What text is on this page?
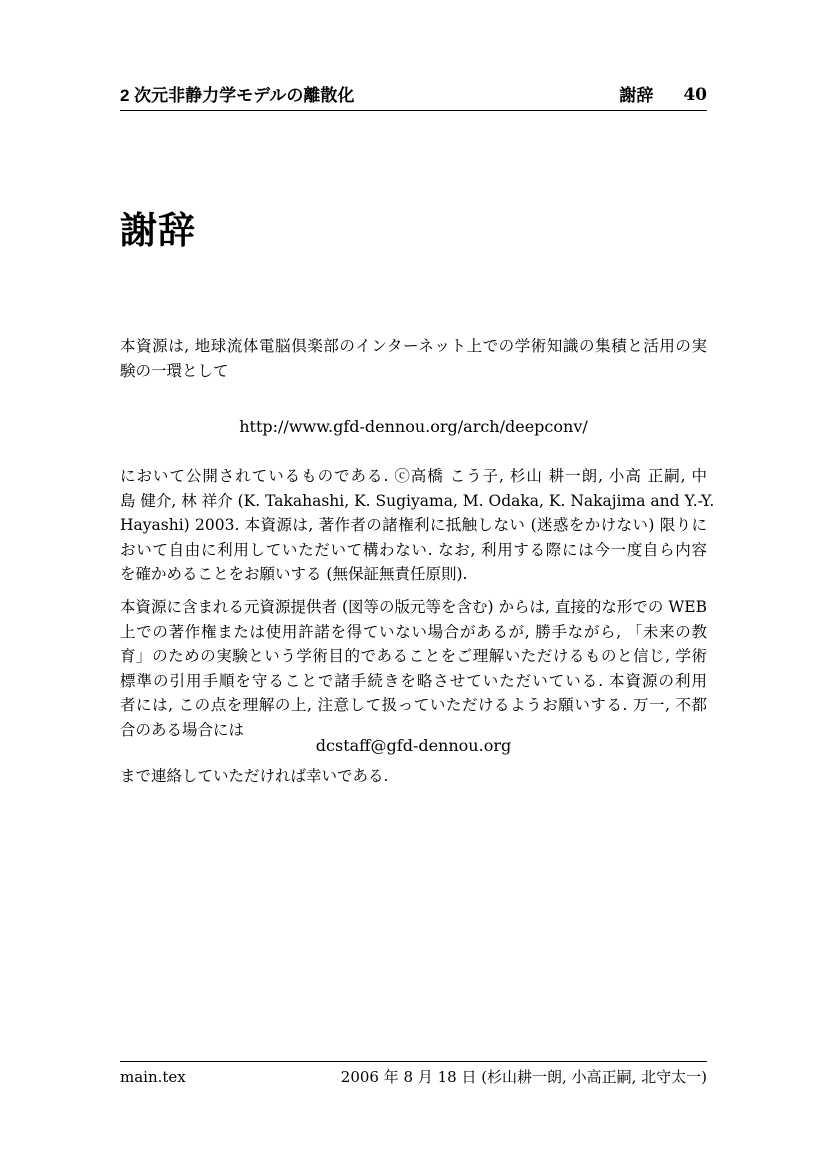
2 次元非静力学モデルの離散化	謝辞 40
謝辞
本資源は, 地球流体電脳倶楽部のインターネット上での学術知識の集積と活用の実
験の一環として
http://www.gfd-dennou.org/arch/deepconv/
において公開されているものである. ⓒ高橋 こう子, 杉山 耕一朗, 小高 正嗣, 中
島 健介, 林 祥介 (K. Takahashi, K. Sugiyama, M. Odaka, K. Nakajima and Y.-Y.
Hayashi) 2003. 本資源は, 著作者の諸権利に抵触しない (迷惑をかけない) 限りに
おいて自由に利用していただいて構わない. なお, 利用する際には今一度自ら内容
を確かめることをお願いする (無保証無責任原則).
本資源に含まれる元資源提供者 (図等の版元等を含む) からは, 直接的な形での WEB
上での著作権または使用許諾を得ていない場合があるが, 勝手ながら, 「未来の教
育」のための実験という学術目的であることをご理解いただけるものと信じ, 学術
標準の引用手順を守ることで諸手続きを略させていただいている. 本資源の利用
者には, この点を理解の上, 注意して扱っていただけるようお願いする. 万一, 不都
合のある場合には
dcstaff@gfd-dennou.org
まで連絡していただければ幸いである.
main.tex	2006 年 8 月 18 日 (杉山耕一朗, 小高正嗣, 北守太一)
